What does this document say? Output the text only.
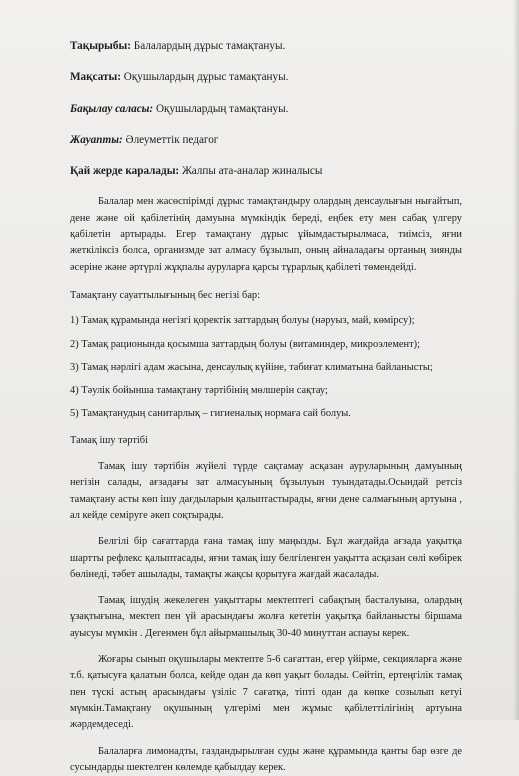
Тақырыбы: Балалардың дұрыс тамақтануы.
Мақсаты: Оқушылардың дұрыс тамақтануы.
Бақылау саласы: Оқушылардың тамақтануы.
Жауапты: Әлеуметтік педагог
Қай жерде каралады: Жалпы ата-аналар жиналысы

Балалар мен жасөспірімді дұрыс тамақтандыру олардың денсаулығын нығайтып, дене және ой қабілетінің дамуына мүмкіндік береді, еңбек ету мен сабақ үлгеру қабілетін артырады. Егер тамақтану дұрыс ұйымдастырылмаса, тиімсіз, яғни жеткіліксіз болса, организмде зат алмасу бұзылып, оның айналадағы ортаның зиянды әсеріне және әртүрлі жұқпалы ауруларға қарсы тұрарлық қабілеті төмендейді.

Тамақтану сауаттылығының бес негізі бар:

1) Тамақ құрамында негізгі қоректік заттардың болуы (нәруыз, май, көмірсу);

2) Тамақ рационында қосымша заттардың болуы (витаминдер, микроэлемент);

3) Тамақ нәрлігі адам жасына, денсаулық күйіне, табиғат климатына байланысты;

4) Тәулік бойынша тамақтану тәртібінің мөлшерін сақтау;

5) Тамақтанудың санитарлық – гигиеналық нормаға сай болуы.

Тамақ ішу тәртібі

Тамақ ішу тәртібін жүйелі түрде сақтамау асқазан ауруларының дамуының негізін салады, ағзадағы зат алмасуының бұзылуын туындатады.Осындай ретсіз тамақтану асты көп ішу дағдыларын қалыптастырады, яғни дене салмағының артуына , ал кейде семіруге әкеп соқтырады.

Белгілі бір сағаттарда ғана тамақ ішу маңызды. Бұл жағдайда ағзада уақытқа шартты рефлекс қалыптасады, яғни тамақ ішу белгіленген уақытта асқазан сөлі көбірек бөлінеді, тәбет ашылады, тамақты жақсы қорытуға жағдай жасалады.

Тамақ ішудің жекелеген уақыттары мектептегі сабақтың басталуына, олардың ұзақтығына, мектеп пен үй арасындағы жолға кететін уақытқа байланысты біршама ауысуы мүмкін . Дегенмен бұл айырмашылық 30-40 минуттан аспауы керек.

Жоғары сынып оқушылары мектепте 5-6 сағаттан, егер үйірме, секцияларға және т.б. қатысуға қалатын болса, кейде одан да көп уақыт болады. Сөйтіп, ертеңгілік тамақ пен түскі астың арасындағы үзіліс 7 сағатқа, тіпті одан да көпке созылып кетуі мүмкін.Тамақтану оқушының үлгерімі мен жұмыс қабілеттілігінің артуына жәрдемдеседі.

Балаларға лимонадты, газдандырылған суды және құрамында қанты бар өзге де сусындарды шектелген көлемде қабылдау керек.
